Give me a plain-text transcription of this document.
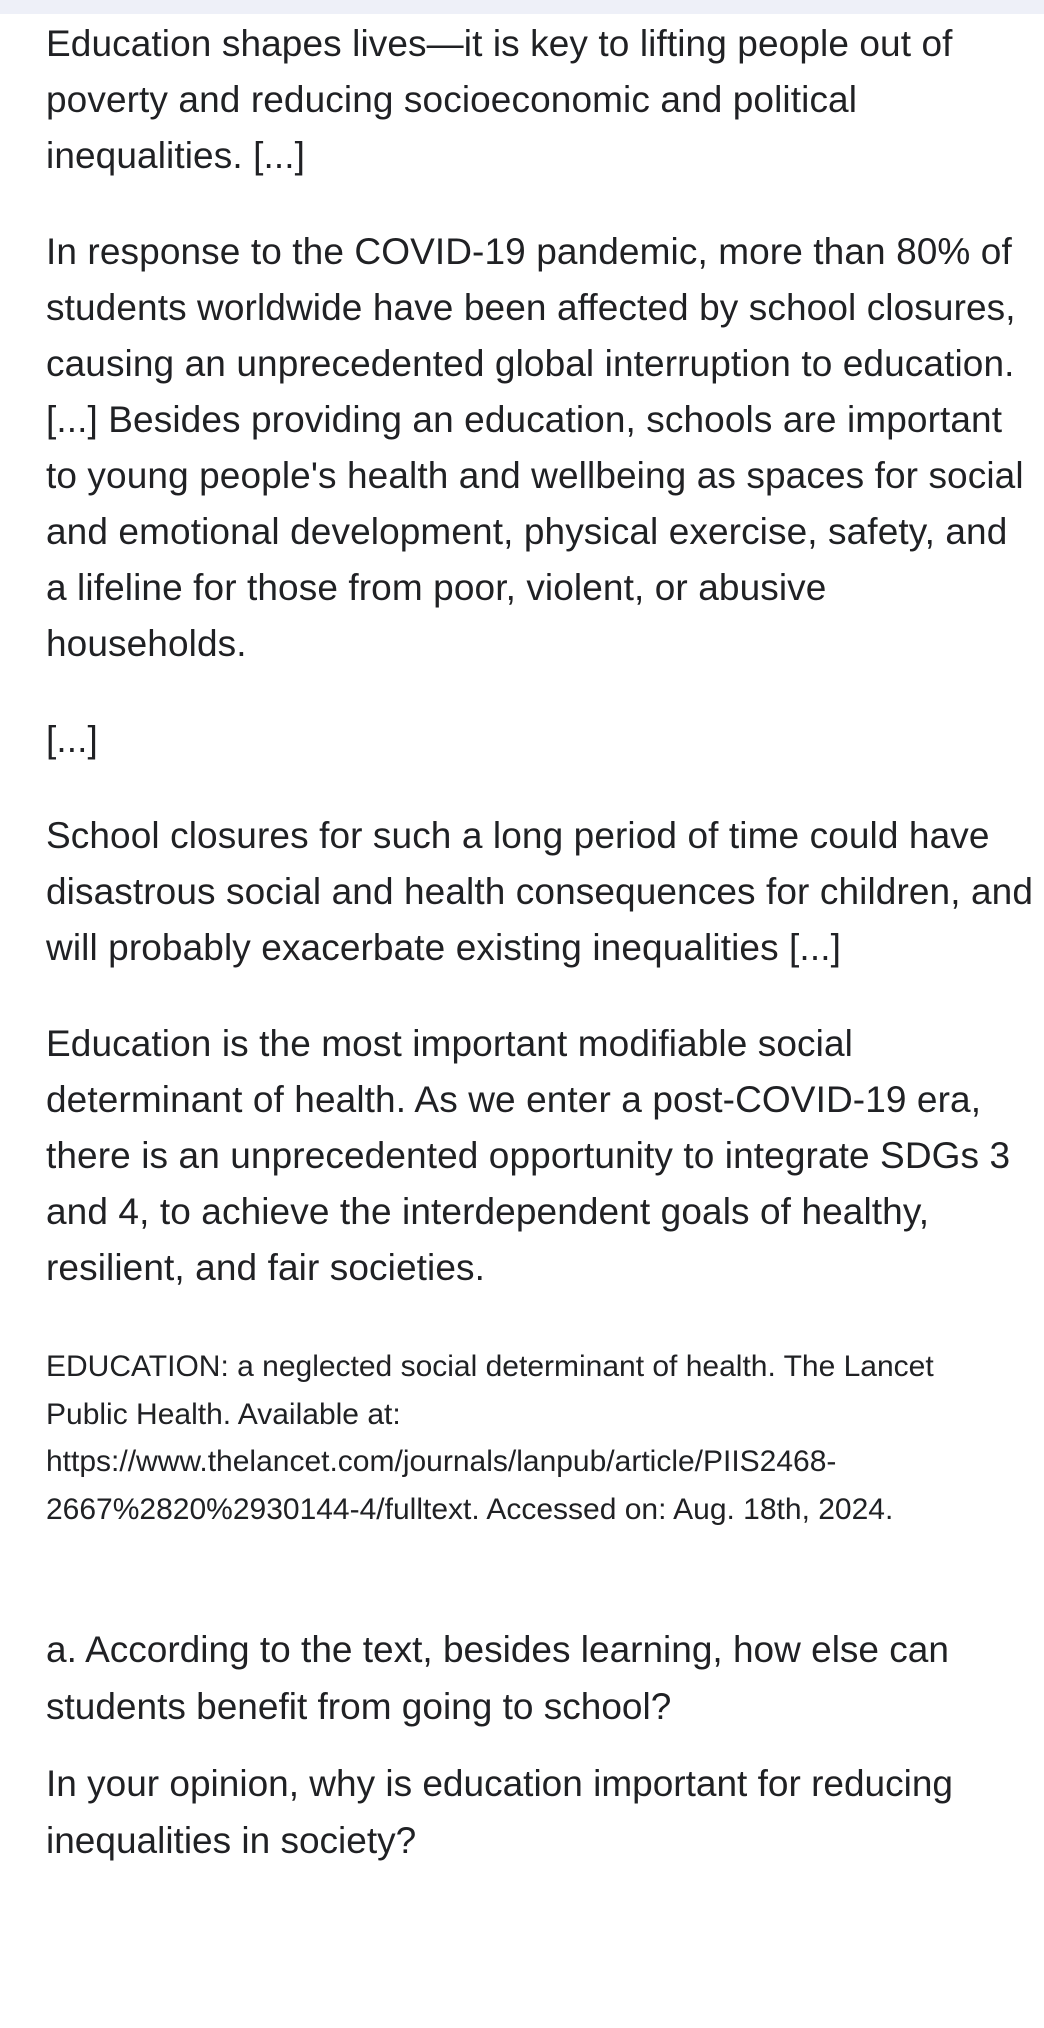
Education shapes lives—it is key to lifting people out of poverty and reducing socioeconomic and political inequalities. [...]

In response to the COVID-19 pandemic, more than 80% of students worldwide have been affected by school closures, causing an unprecedented global interruption to education. [...] Besides providing an education, schools are important to young people's health and wellbeing as spaces for social and emotional development, physical exercise, safety, and a lifeline for those from poor, violent, or abusive households.

[...]

School closures for such a long period of time could have disastrous social and health consequences for children, and will probably exacerbate existing inequalities [...]

Education is the most important modifiable social determinant of health. As we enter a post-COVID-19 era, there is an unprecedented opportunity to integrate SDGs 3 and 4, to achieve the interdependent goals of healthy, resilient, and fair societies.

EDUCATION: a neglected social determinant of health. The Lancet Public Health. Available at: https://www.thelancet.com/journals/lanpub/article/PIIS2468-2667%2820%2930144-4/fulltext. Accessed on: Aug. 18th, 2024.

a. According to the text, besides learning, how else can students benefit from going to school?

In your opinion, why is education important for reducing inequalities in society?
